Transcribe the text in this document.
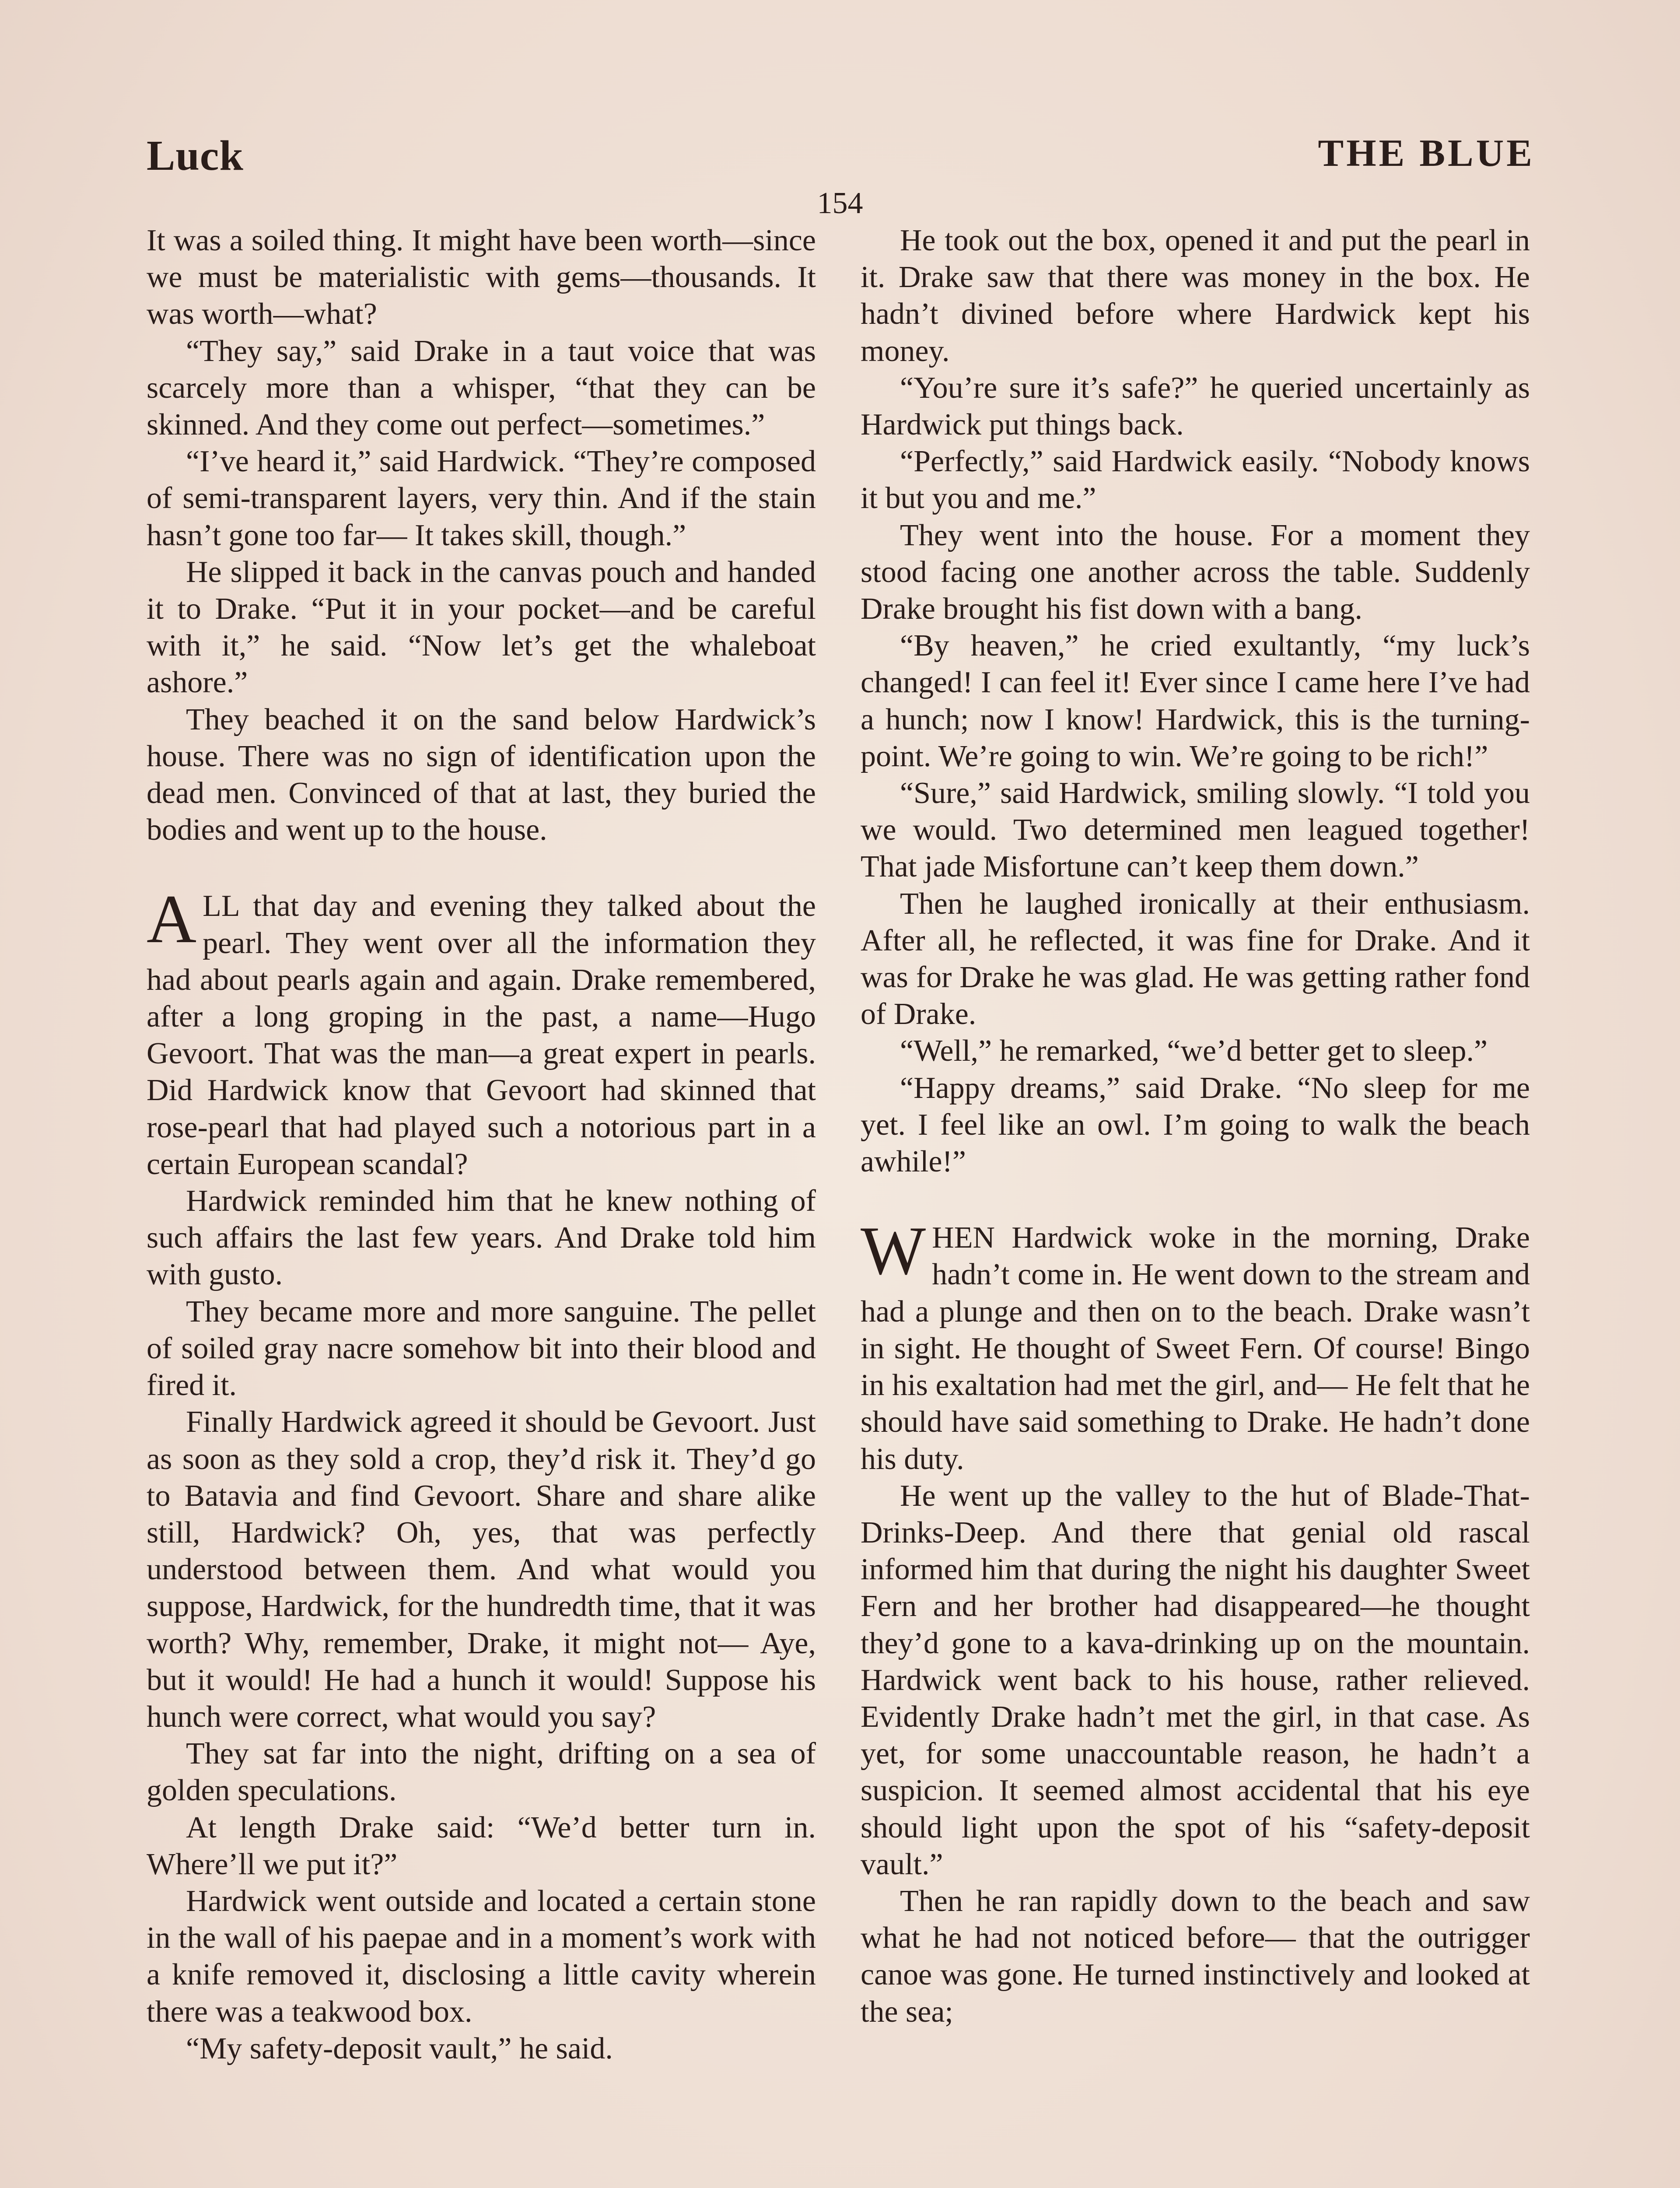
Luck	THE BLUE
154

It was a soiled thing. It might have been worth—since we must be materialistic with gems—thousands. It was worth—what?

“They say,” said Drake in a taut voice that was scarcely more than a whisper, “that they can be skinned. And they come out perfect—sometimes.”

“I’ve heard it,” said Hardwick. “They’re composed of semi-transparent layers, very thin. And if the stain hasn’t gone too far— It takes skill, though.”

He slipped it back in the canvas pouch and handed it to Drake. “Put it in your pocket—and be careful with it,” he said. “Now let’s get the whaleboat ashore.”

They beached it on the sand below Hardwick’s house. There was no sign of identification upon the dead men. Convinced of that at last, they buried the bodies and went up to the house.

ALL that day and evening they talked about the pearl. They went over all the information they had about pearls again and again. Drake remembered, after a long groping in the past, a name—Hugo Gevoort. That was the man—a great expert in pearls. Did Hardwick know that Gevoort had skinned that rose-pearl that had played such a notorious part in a certain European scandal?

Hardwick reminded him that he knew nothing of such affairs the last few years. And Drake told him with gusto.

They became more and more sanguine. The pellet of soiled gray nacre somehow bit into their blood and fired it.

Finally Hardwick agreed it should be Gevoort. Just as soon as they sold a crop, they’d risk it. They’d go to Batavia and find Gevoort. Share and share alike still, Hardwick? Oh, yes, that was perfectly understood between them. And what would you suppose, Hardwick, for the hundredth time, that it was worth? Why, remember, Drake, it might not— Aye, but it would! He had a hunch it would! Suppose his hunch were correct, what would you say?

They sat far into the night, drifting on a sea of golden speculations.

At length Drake said: “We’d better turn in. Where’ll we put it?”

Hardwick went outside and located a certain stone in the wall of his paepae and in a moment’s work with a knife removed it, disclosing a little cavity wherein there was a teakwood box.

“My safety-deposit vault,” he said.

He took out the box, opened it and put the pearl in it. Drake saw that there was money in the box. He hadn’t divined before where Hardwick kept his money.

“You’re sure it’s safe?” he queried uncertainly as Hardwick put things back.

“Perfectly,” said Hardwick easily. “Nobody knows it but you and me.”

They went into the house. For a moment they stood facing one another across the table. Suddenly Drake brought his fist down with a bang.

“By heaven,” he cried exultantly, “my luck’s changed! I can feel it! Ever since I came here I’ve had a hunch; now I know! Hardwick, this is the turning-point. We’re going to win. We’re going to be rich!”

“Sure,” said Hardwick, smiling slowly. “I told you we would. Two determined men leagued together! That jade Misfortune can’t keep them down.”

Then he laughed ironically at their enthusiasm. After all, he reflected, it was fine for Drake. And it was for Drake he was glad. He was getting rather fond of Drake.

“Well,” he remarked, “we’d better get to sleep.”

“Happy dreams,” said Drake. “No sleep for me yet. I feel like an owl. I’m going to walk the beach awhile!”

WHEN Hardwick woke in the morning, Drake hadn’t come in. He went down to the stream and had a plunge and then on to the beach. Drake wasn’t in sight. He thought of Sweet Fern. Of course! Bingo in his exaltation had met the girl, and— He felt that he should have said something to Drake. He hadn’t done his duty.

He went up the valley to the hut of Blade-That-Drinks-Deep. And there that genial old rascal informed him that during the night his daughter Sweet Fern and her brother had disappeared—he thought they’d gone to a kava-drinking up on the mountain. Hardwick went back to his house, rather relieved. Evidently Drake hadn’t met the girl, in that case. As yet, for some unaccountable reason, he hadn’t a suspicion. It seemed almost accidental that his eye should light upon the spot of his “safety-deposit vault.”

Then he ran rapidly down to the beach and saw what he had not noticed before— that the outrigger canoe was gone. He turned instinctively and looked at the sea;
